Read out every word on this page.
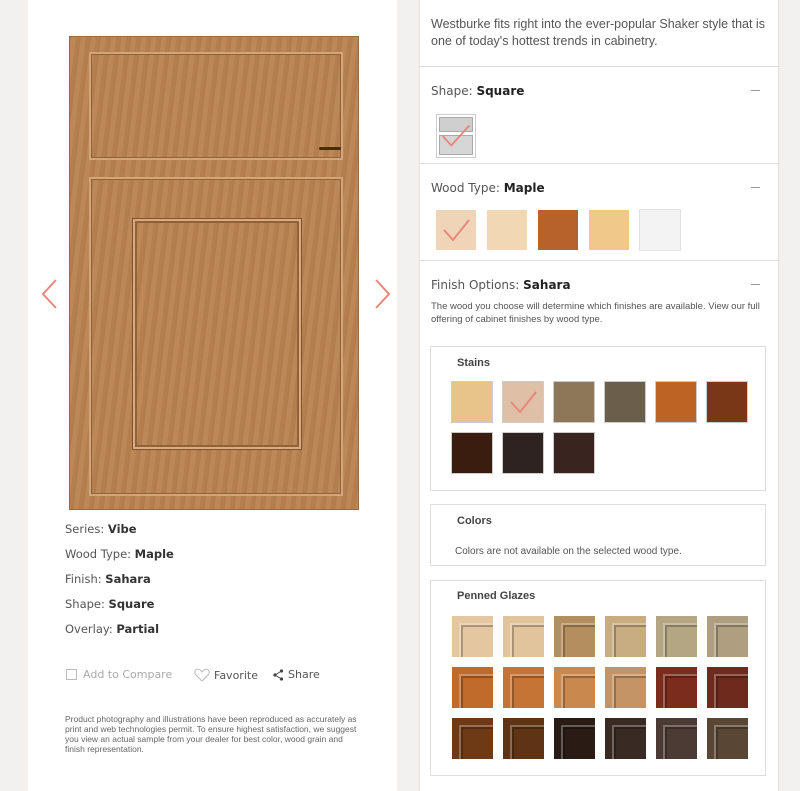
Series: Vibe
Wood Type: Maple
Finish: Sahara
Shape: Square
Overlay: Partial
Add to Compare	Favorite	Share
Product photography and illustrations have been reproduced as accurately as print and web technologies permit. To ensure highest satisfaction, we suggest you view an actual sample from your dealer for best color, wood grain and finish representation.
Westburke fits right into the ever-popular Shaker style that is one of today's hottest trends in cabinetry.
Shape: Square
Wood Type: Maple
Finish Options: Sahara
The wood you choose will determine which finishes are available. View our full offering of cabinet finishes by wood type.
Stains
Colors
Colors are not available on the selected wood type.
Penned Glazes
